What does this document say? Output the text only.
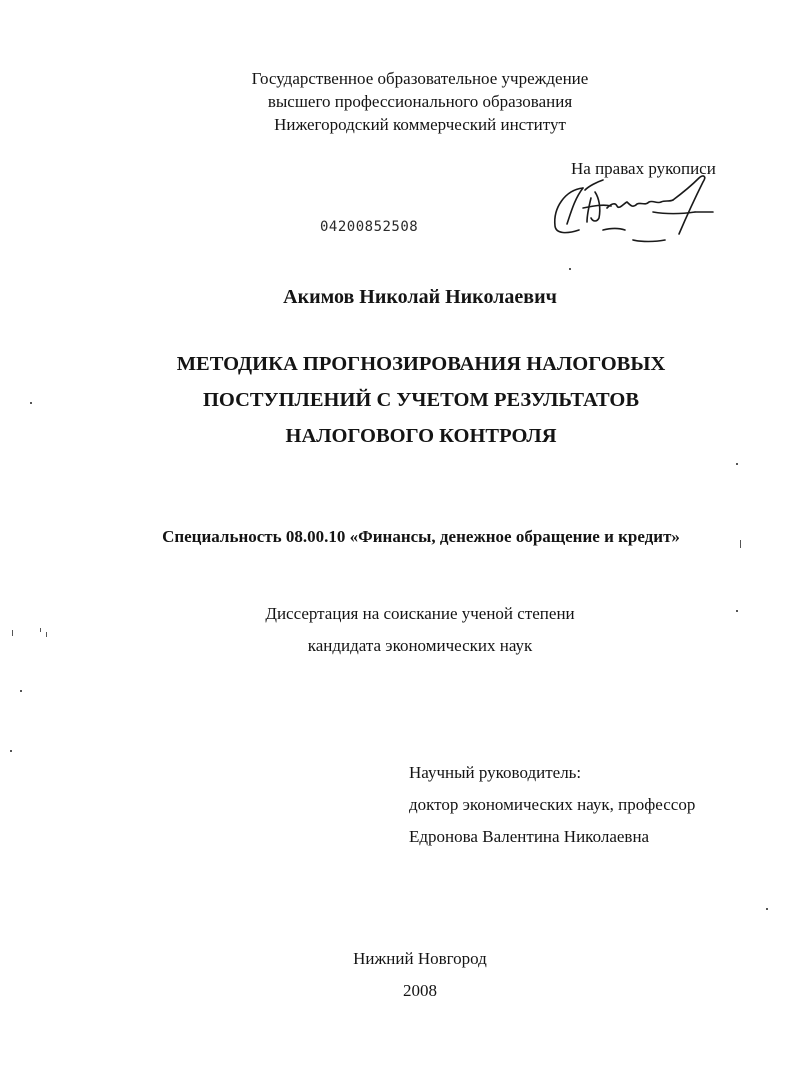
Государственное образовательное учреждение
высшего профессионального образования
Нижегородский коммерческий институт
На правах рукописи
04200852508
Акимов Николай Николаевич
МЕТОДИКА ПРОГНОЗИРОВАНИЯ НАЛОГОВЫХ
ПОСТУПЛЕНИЙ С УЧЕТОМ РЕЗУЛЬТАТОВ
НАЛОГОВОГО КОНТРОЛЯ
Специальность 08.00.10 «Финансы, денежное обращение и кредит»
Диссертация на соискание ученой степени
кандидата экономических наук
Научный руководитель:
доктор экономических наук, профессор
Едронова Валентина Николаевна
Нижний Новгород
2008
